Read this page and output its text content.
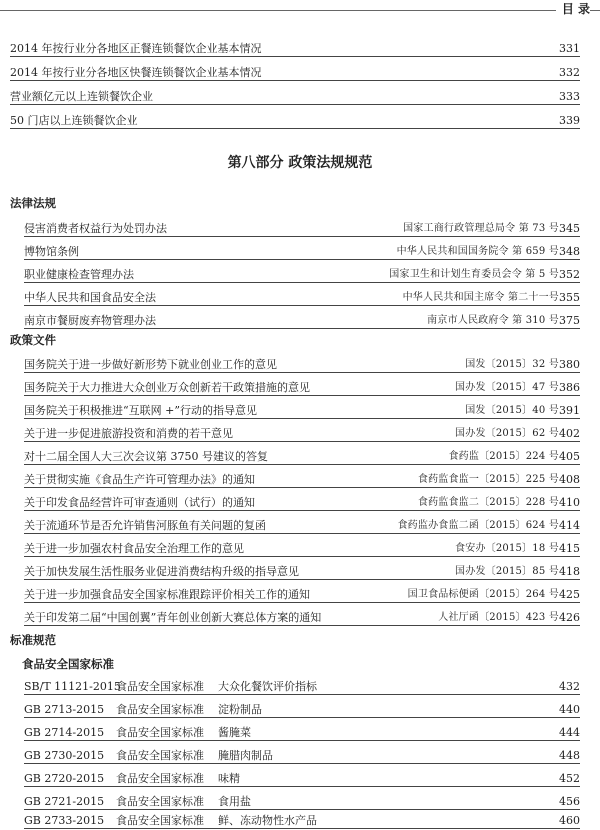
目 录
2014 年按行业分各地区正餐连锁餐饮企业基本情况	331
2014 年按行业分各地区快餐连锁餐饮企业基本情况	332
营业额亿元以上连锁餐饮企业	333
50 门店以上连锁餐饮企业	339
第八部分 政策法规规范
法律法规
侵害消费者权益行为处罚办法	国家工商行政管理总局令 第 73 号 345
博物馆条例	中华人民共和国国务院令 第 659 号 348
职业健康检查管理办法	国家卫生和计划生育委员会令 第 5 号 352
中华人民共和国食品安全法	中华人民共和国主席令 第二十一号 355
南京市餐厨废弃物管理办法	南京市人民政府令 第 310 号 375
政策文件
国务院关于进一步做好新形势下就业创业工作的意见	国发〔2015〕32 号 380
国务院关于大力推进大众创业万众创新若干政策措施的意见	国办发〔2015〕47 号 386
国务院关于积极推进“互联网 +”行动的指导意见	国发〔2015〕40 号 391
关于进一步促进旅游投资和消费的若干意见	国办发〔2015〕62 号 402
对十二届全国人大三次会议第 3750 号建议的答复	食药监〔2015〕224 号 405
关于贯彻实施《食品生产许可管理办法》的通知	食药监食监一〔2015〕225 号 408
关于印发食品经营许可审查通则（试行）的通知	食药监食监二〔2015〕228 号 410
关于流通环节是否允许销售河豚鱼有关问题的复函	食药监办食监二函〔2015〕624 号 414
关于进一步加强农村食品安全治理工作的意见	食安办〔2015〕18 号 415
关于加快发展生活性服务业促进消费结构升级的指导意见	国办发〔2015〕85 号 418
关于进一步加强食品安全国家标准跟踪评价相关工作的通知	国卫食品标便函〔2015〕264 号 425
关于印发第二届“中国创翼”青年创业创新大赛总体方案的通知	人社厅函〔2015〕423 号 426
标准规范
食品安全国家标准
SB/T 11121-2015食品安全国家标准 大众化餐饮评价指标	432
GB 2713-2015 食品安全国家标准 淀粉制品	440
GB 2714-2015 食品安全国家标准 酱腌菜	444
GB 2730-2015 食品安全国家标准 腌腊肉制品	448
GB 2720-2015 食品安全国家标准 味精	452
GB 2721-2015 食品安全国家标准 食用盐	456
GB 2733-2015 食品安全国家标准 鲜、冻动物性水产品	460
